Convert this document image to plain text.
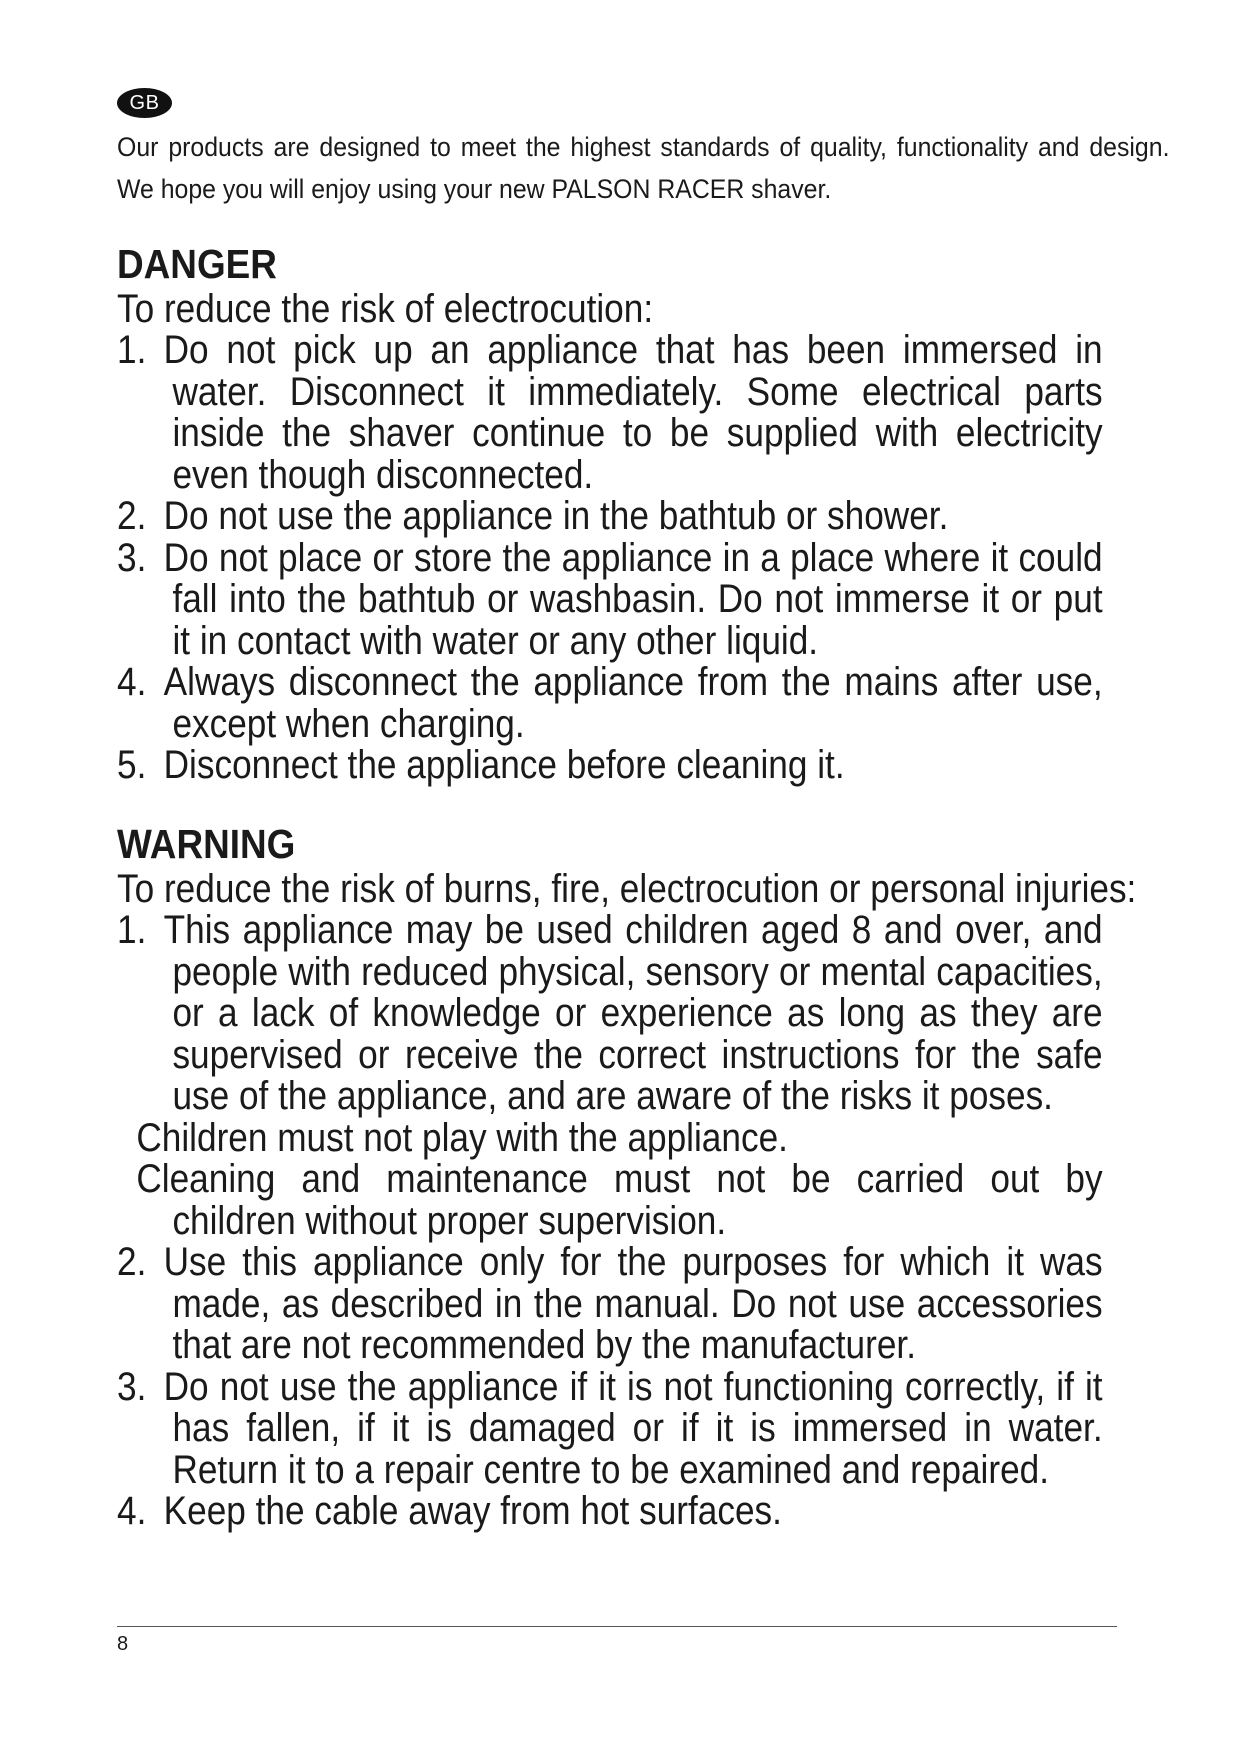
GB
Our products are designed to meet the highest standards of quality, functionality and design. We hope you will enjoy using your new PALSON RACER shaver.
DANGER
To reduce the risk of electrocution:
1. Do not pick up an appliance that has been immersed in water. Disconnect it immediately. Some electrical parts inside the shaver continue to be supplied with electricity even though disconnected.
2. Do not use the appliance in the bathtub or shower.
3. Do not place or store the appliance in a place where it could fall into the bathtub or washbasin. Do not immerse it or put it in contact with water or any other liquid.
4. Always disconnect the appliance from the mains after use, except when charging.
5. Disconnect the appliance before cleaning it.
WARNING
To reduce the risk of burns, fire, electrocution or personal injuries:
1. This appliance may be used children aged 8 and over, and people with reduced physical, sensory or mental capacities, or a lack of knowledge or experience as long as they are supervised or receive the correct instructions for the safe use of the appliance, and are aware of the risks it poses.
Children must not play with the appliance.
Cleaning and maintenance must not be carried out by children without proper supervision.
2. Use this appliance only for the purposes for which it was made, as described in the manual. Do not use accessories that are not recommended by the manufacturer.
3. Do not use the appliance if it is not functioning correctly, if it has fallen, if it is damaged or if it is immersed in water. Return it to a repair centre to be examined and repaired.
4. Keep the cable away from hot surfaces.
8
